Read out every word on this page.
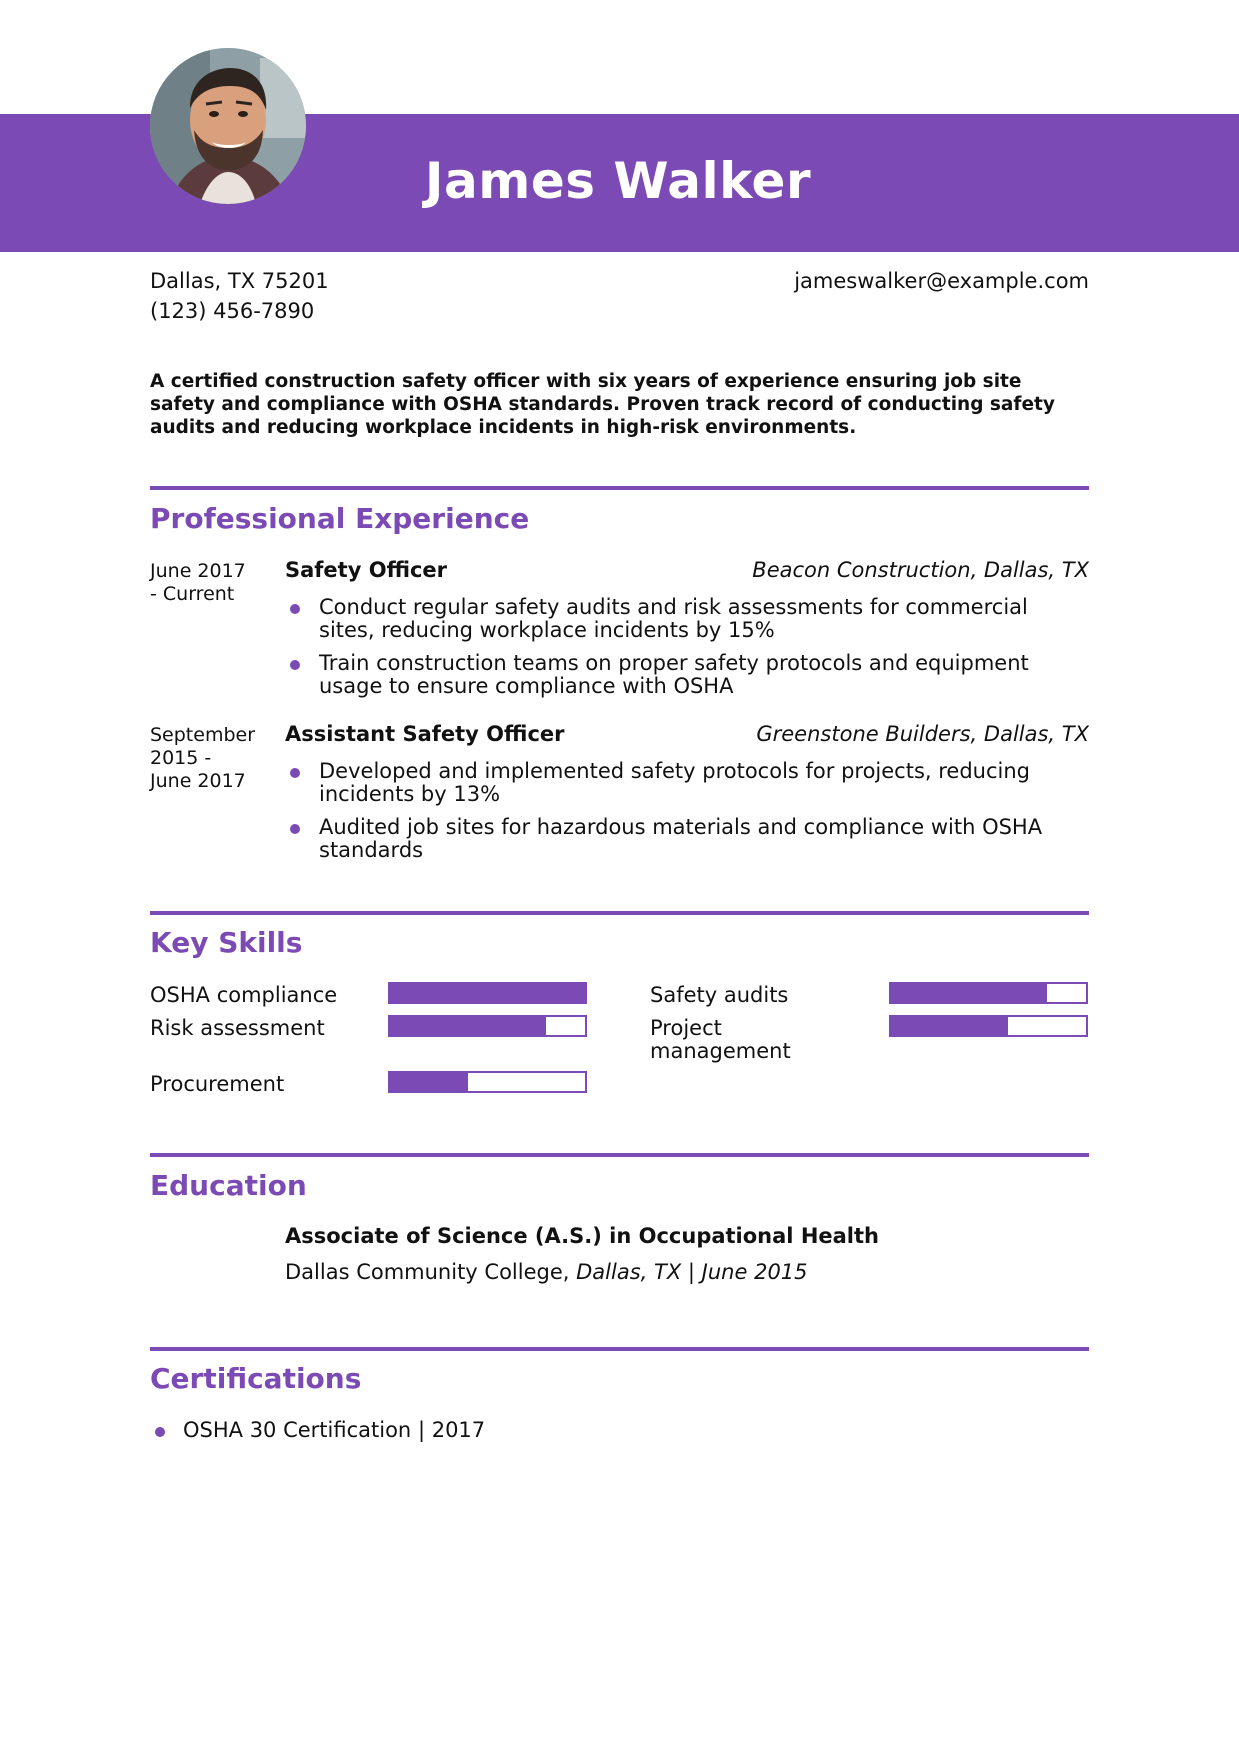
James Walker
Dallas, TX 75201
(123) 456-7890
jameswalker@example.com
A certified construction safety officer with six years of experience ensuring job site safety and compliance with OSHA standards. Proven track record of conducting safety audits and reducing workplace incidents in high-risk environments.
Professional Experience
June 2017
- Current
Safety Officer	Beacon Construction, Dallas, TX
Conduct regular safety audits and risk assessments for commercial sites, reducing workplace incidents by 15%
Train construction teams on proper safety protocols and equipment usage to ensure compliance with OSHA
September
2015 -
June 2017
Assistant Safety Officer	Greenstone Builders, Dallas, TX
Developed and implemented safety protocols for projects, reducing incidents by 13%
Audited job sites for hazardous materials and compliance with OSHA standards
Key Skills
OSHA compliance	Safety audits
Risk assessment	Project management
Procurement
Education
Associate of Science (A.S.) in Occupational Health
Dallas Community College, Dallas, TX | June 2015
Certifications
OSHA 30 Certification | 2017
